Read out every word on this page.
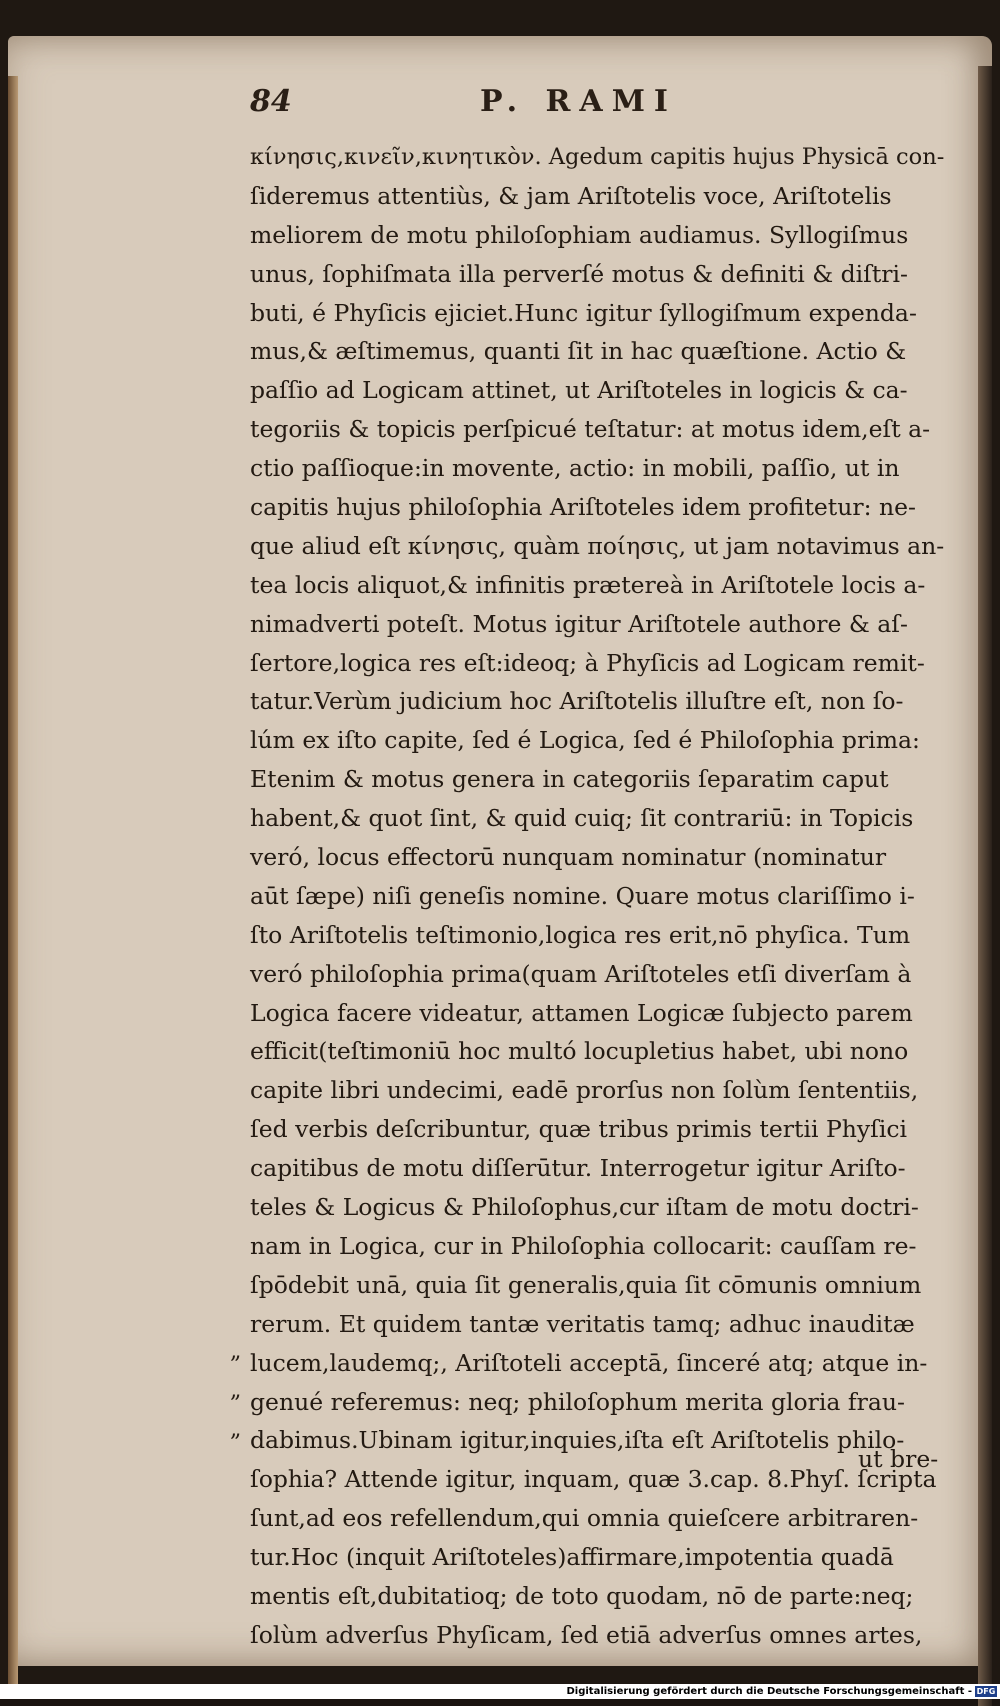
84	P. RAMI
κίνησις,κινεῖν,κινητικὸν. Agedum capitis hujus Physicā con-
ſideremus attentiùs, & jam Ariſtotelis voce, Ariſtotelis
meliorem de motu philoſophiam audiamus. Syllogiſmus
unus, ſophiſmata illa perverſé motus & definiti & diſtri-
buti, é Phyſicis ejiciet.Hunc igitur ſyllogiſmum expenda-
mus,& æſtimemus, quanti ſit in hac quæſtione. Actio &
paſſio ad Logicam attinet, ut Ariſtoteles in logicis & ca-
tegoriis & topicis perſpicué teſtatur: at motus idem,eſt a-
ctio paſſioque:in movente, actio: in mobili, paſſio, ut in
capitis hujus philoſophia Ariſtoteles idem profitetur: ne-
que aliud eſt κίνησις, quàm ποίησις, ut jam notavimus an-
tea locis aliquot,& infinitis prætereà in Ariſtotele locis a-
nimadverti poteſt. Motus igitur Ariſtotele authore & aſ-
ſertore,logica res eſt:ideoq; à Phyſicis ad Logicam remit-
tatur.Verùm judicium hoc Ariſtotelis illuſtre eſt, non ſo-
lúm ex iſto capite, ſed é Logica, ſed é Philoſophia prima:
Etenim & motus genera in categoriis ſeparatim caput
habent,& quot ſint, & quid cuiq; ſit contrariū: in Topicis
veró, locus effectorū nunquam nominatur (nominatur
aūt ſæpe) niſi geneſis nomine. Quare motus clariſſimo i-
ſto Ariſtotelis teſtimonio,logica res erit,nō phyſica. Tum
veró philoſophia prima(quam Ariſtoteles etſi diverſam à
Logica facere videatur, attamen Logicæ ſubjecto parem
efficit(teſtimoniū hoc multó locupletius habet, ubi nono
capite libri undecimi, eadē prorſus non ſolùm ſententiis,
ſed verbis deſcribuntur, quæ tribus primis tertii Phyſici
capitibus de motu diſſerūtur. Interrogetur igitur Ariſto-
teles & Logicus & Philoſophus,cur iſtam de motu doctri-
nam in Logica, cur in Philoſophia collocarit: cauſſam re-
ſpōdebit unā, quia ſit generalis,quia ſit cōmunis omnium
rerum. Et quidem tantæ veritatis tamq; adhuc inauditæ
lucem,laudemq;, Ariſtoteli acceptā, ſinceré atq; atque in-
genué referemus: neq; philoſophum merita gloria frau-
dabimus.Ubinam igitur,inquies,iſta eſt Ariſtotelis philo-
ſophia? Attende igitur, inquam, quæ 3.cap. 8.Phyſ. ſcripta
ſunt,ad eos refellendum,qui omnia quieſcere arbitraren-
tur.Hoc (inquit Ariſtoteles)affirmare,impotentia quadā
mentis eſt,dubitatioq; de toto quodam, nō de parte:neq;
ſolùm adverſus Phyſicam, ſed etiā adverſus omnes artes,
„
„
„
ut bre-
Digitalisierung gefördert durch die Deutsche Forschungsgemeinschaft - DFG
